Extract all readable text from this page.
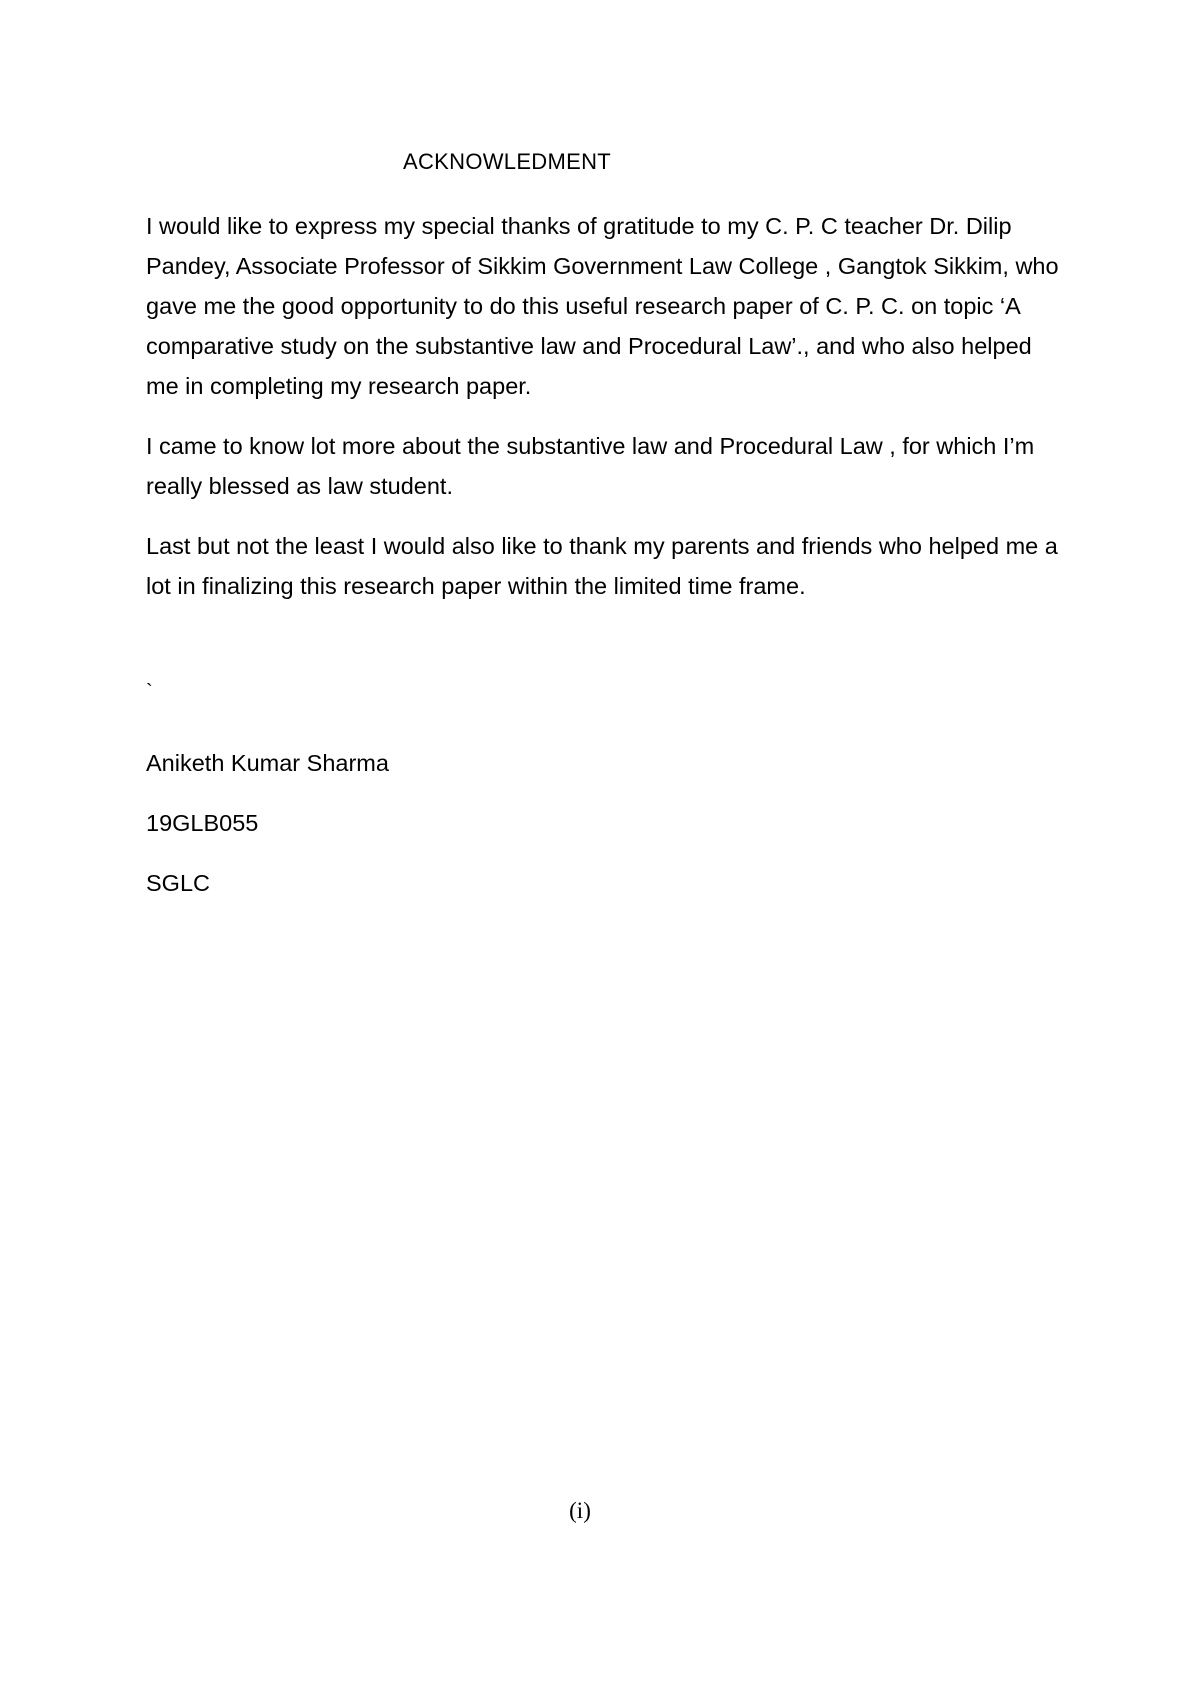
ACKNOWLEDMENT

I would like to express my special thanks of gratitude to my C. P. C teacher Dr. Dilip Pandey, Associate Professor of Sikkim Government Law College , Gangtok Sikkim, who gave me the good opportunity to do this useful research paper of C. P. C. on topic ‘A comparative study on the substantive law and Procedural Law’., and who also helped me in completing my research paper.

I came to know lot more about the substantive law and Procedural Law , for which I’m really blessed as law student.

Last but not the least I would also like to thank my parents and friends who helped me a lot in finalizing this research paper within the limited time frame.

`
Aniketh Kumar Sharma
19GLB055
SGLC
(i)
